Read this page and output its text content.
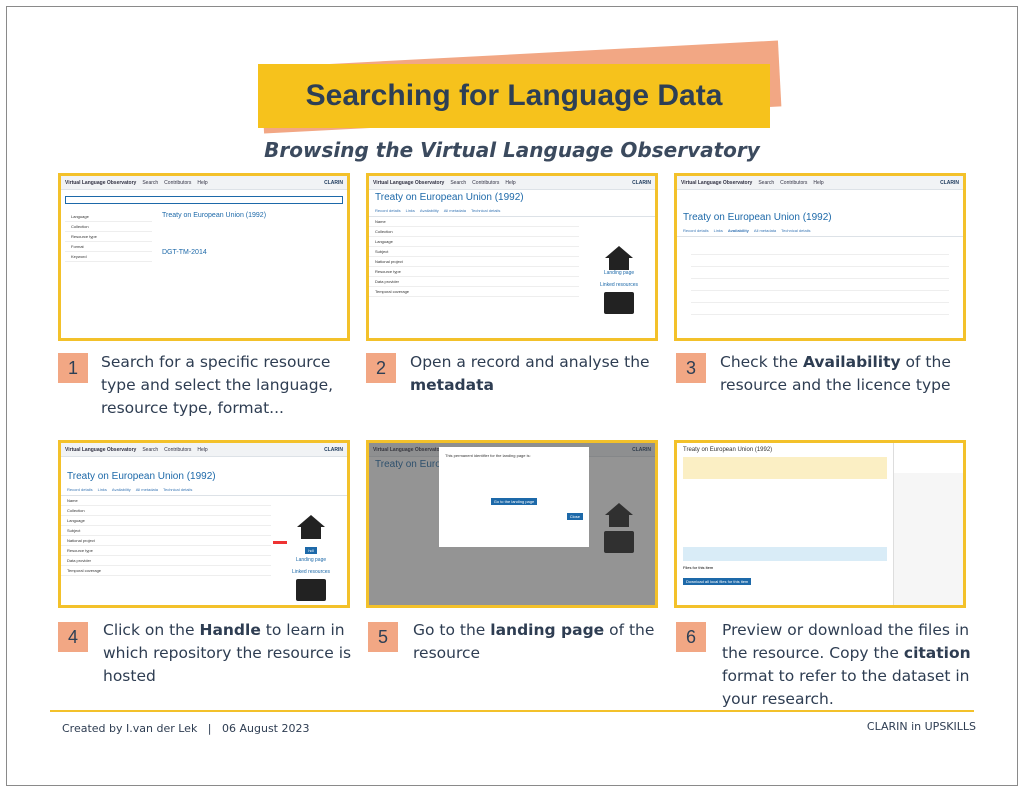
Searching for Language Data
Browsing the Virtual Language Observatory
Virtual Language Observatory Search Contributors Help	CLARIN
Language
Collection
Resource type
Format
Keyword
Treaty on European Union (1992)
DGT-TM-2014
Virtual Language Observatory Search Contributors Help	CLARIN
Treaty on European Union (1992)
Record details Links Availability All metadata Technical details
Name
Collection
Language
Subject
National project
Resource type
Data provider
Temporal coverage
Landing page
Linked resources
Virtual Language Observatory Search Contributors Help	CLARIN
Treaty on European Union (1992)
Record details Links Availability All metadata Technical details
Virtual Language Observatory Search Contributors Help	CLARIN
Treaty on European Union (1992)
Record details Links Availability All metadata Technical details
Name
Collection
Language
Subject
National project
Resource type
Data provider
Temporal coverage
hdl
Landing page
Linked resources
This permanent identifier for the landing page is:
Go to the landing page
Close
Treaty on European Union (1992)
Files for this item
Download all local files for this item
1	Search for a specific resource type and select the language, resource type, format...
2	Open a record and analyse the metadata
3	Check the Availability of the resource and the licence type
4	Click on the Handle to learn in which repository the resource is hosted
5	Go to the landing page of the resource
6	Preview or download the files in the resource. Copy the citation format to refer to the dataset in your research.
Created by I.van der Lek   |   06 August 2023	CLARIN in UPSKILLS
